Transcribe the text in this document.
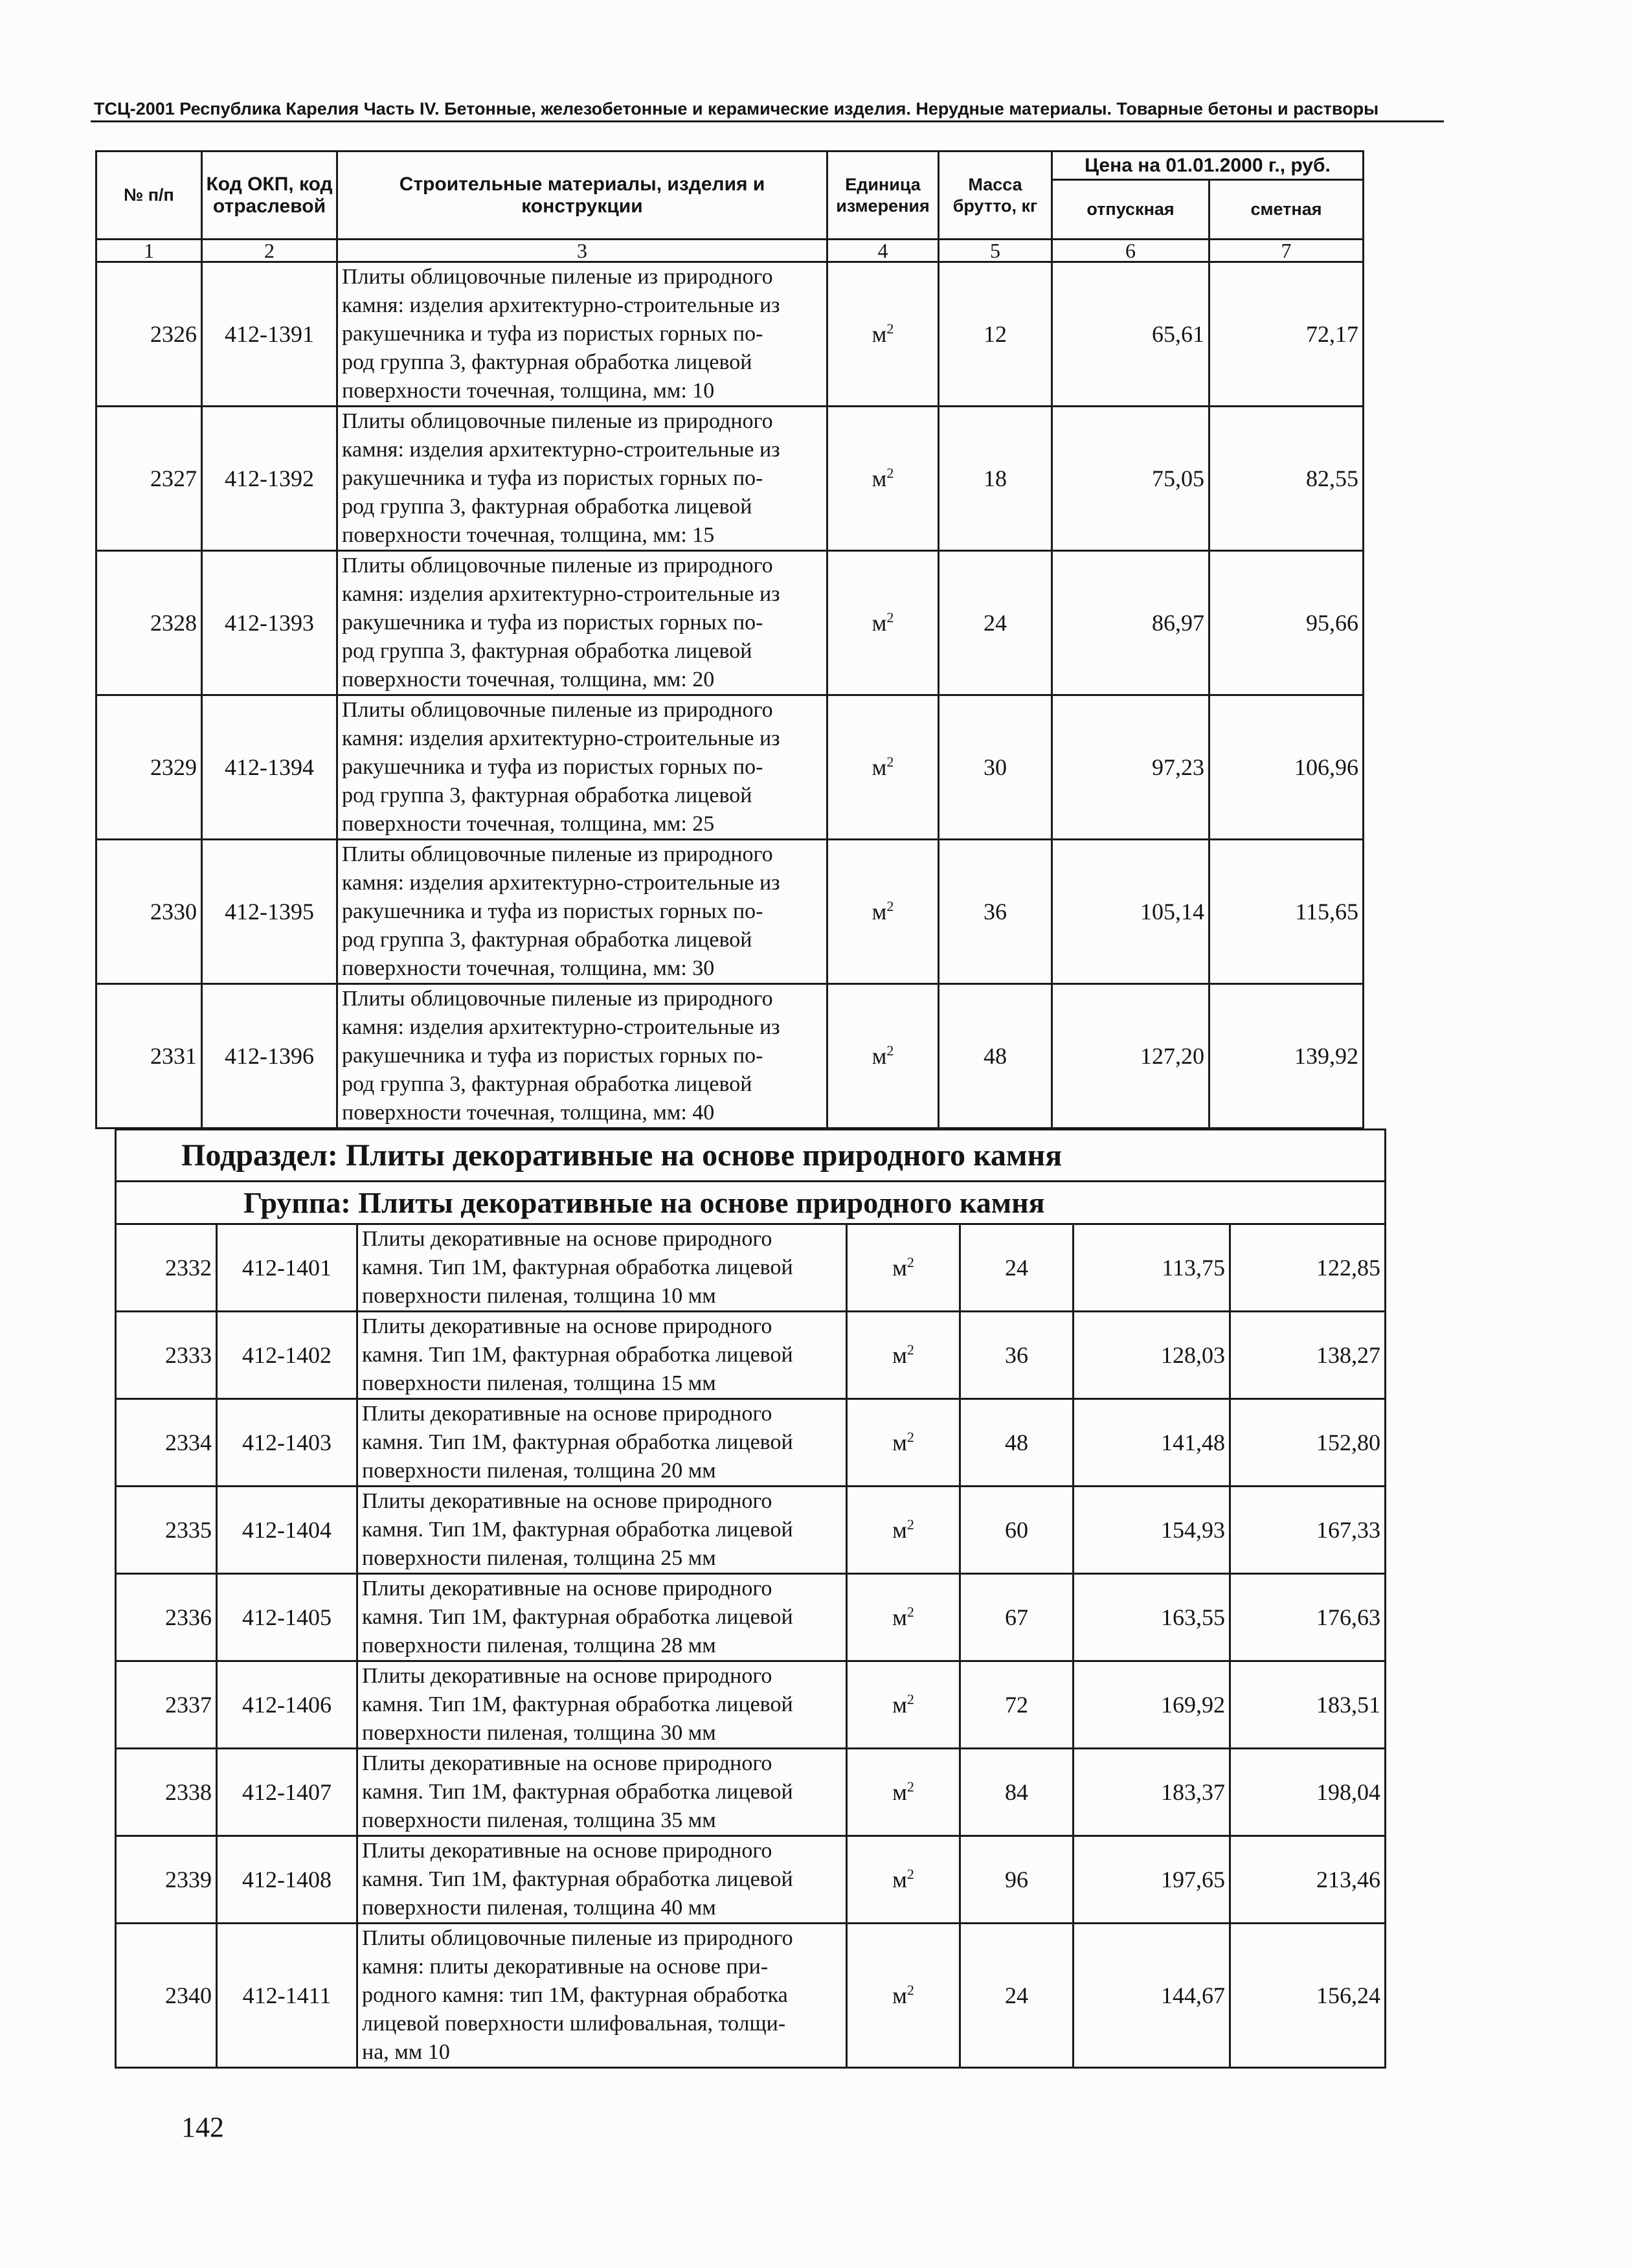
ТСЦ-2001 Республика Карелия Часть IV. Бетонные, железобетонные и керамические изделия. Нерудные материалы. Товарные бетоны и растворы
№ п/п	Код ОКП, код отраслевой	Строительные материалы, изделия и конструкции	Единица измерения	Масса брутто, кг	Цена на 01.01.2000 г., руб.	
					отпускная	сметная
1	2	3	4	5	6	7
2326	412-1391	Плиты облицовочные пиленые из природного
камня: изделия архитектурно-строительные из
ракушечника и туфа из пористых горных по-
род группа 3, фактурная обработка лицевой
поверхности точечная, толщина, мм: 10	$м^2$	12	65,61	72,17
2327	412-1392	Плиты облицовочные пиленые из природного
камня: изделия архитектурно-строительные из
ракушечника и туфа из пористых горных по-
род группа 3, фактурная обработка лицевой
поверхности точечная, толщина, мм: 15	$м^2$	18	75,05	82,55
2328	412-1393	Плиты облицовочные пиленые из природного
камня: изделия архитектурно-строительные из
ракушечника и туфа из пористых горных по-
род группа 3, фактурная обработка лицевой
поверхности точечная, толщина, мм: 20	$м^2$	24	86,97	95,66
2329	412-1394	Плиты облицовочные пиленые из природного
камня: изделия архитектурно-строительные из
ракушечника и туфа из пористых горных по-
род группа 3, фактурная обработка лицевой
поверхности точечная, толщина, мм: 25	$м^2$	30	97,23	106,96
2330	412-1395	Плиты облицовочные пиленые из природного
камня: изделия архитектурно-строительные из
ракушечника и туфа из пористых горных по-
род группа 3, фактурная обработка лицевой
поверхности точечная, толщина, мм: 30	$м^2$	36	105,14	115,65
2331	412-1396	Плиты облицовочные пиленые из природного
камня: изделия архитектурно-строительные из
ракушечника и туфа из пористых горных по-
род группа 3, фактурная обработка лицевой
поверхности точечная, толщина, мм: 40	$м^2$	48	127,20	139,92
Подраздел: Плиты декоративные на основе природного камня						
Группа: Плиты декоративные на основе природного камня						
2332	412-1401	Плиты декоративные на основе природного
камня. Тип 1М, фактурная обработка лицевой
поверхности пиленая, толщина 10 мм	$м^2$	24	113,75	122,85
2333	412-1402	Плиты декоративные на основе природного
камня. Тип 1М, фактурная обработка лицевой
поверхности пиленая, толщина 15 мм	$м^2$	36	128,03	138,27
2334	412-1403	Плиты декоративные на основе природного
камня. Тип 1М, фактурная обработка лицевой
поверхности пиленая, толщина 20 мм	$м^2$	48	141,48	152,80
2335	412-1404	Плиты декоративные на основе природного
камня. Тип 1М, фактурная обработка лицевой
поверхности пиленая, толщина 25 мм	$м^2$	60	154,93	167,33
2336	412-1405	Плиты декоративные на основе природного
камня. Тип 1М, фактурная обработка лицевой
поверхности пиленая, толщина 28 мм	$м^2$	67	163,55	176,63
2337	412-1406	Плиты декоративные на основе природного
камня. Тип 1М, фактурная обработка лицевой
поверхности пиленая, толщина 30 мм	$м^2$	72	169,92	183,51
2338	412-1407	Плиты декоративные на основе природного
камня. Тип 1М, фактурная обработка лицевой
поверхности пиленая, толщина 35 мм	$м^2$	84	183,37	198,04
2339	412-1408	Плиты декоративные на основе природного
камня. Тип 1М, фактурная обработка лицевой
поверхности пиленая, толщина 40 мм	$м^2$	96	197,65	213,46
2340	412-1411	Плиты облицовочные пиленые из природного
камня: плиты декоративные на основе при-
родного камня: тип 1М, фактурная обработка
лицевой поверхности шлифовальная, толщи-
на, мм 10	$м^2$	24	144,67	156,24
142
